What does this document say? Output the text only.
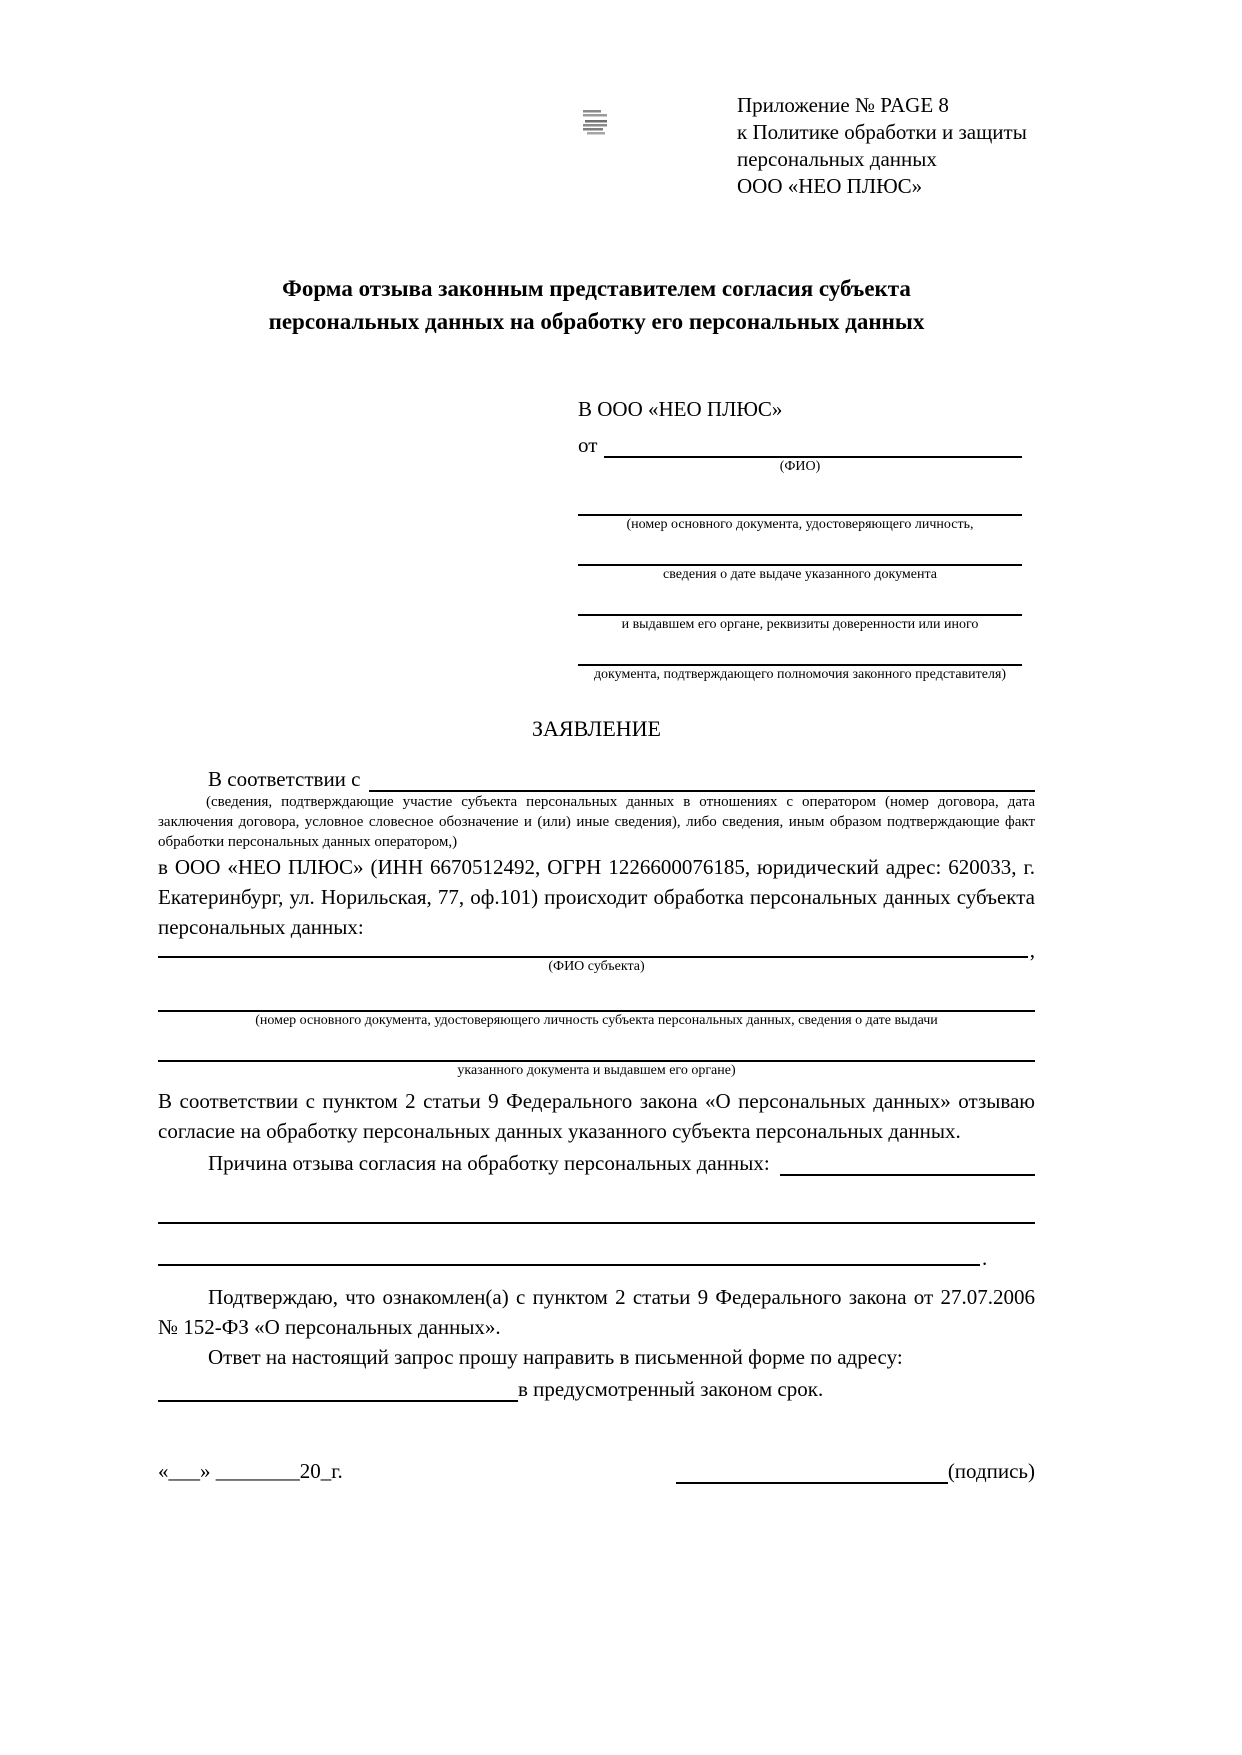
Приложение № PAGE 8
к Политике обработки и защиты
персональных данных
ООО «НЕО ПЛЮС»
Форма отзыва законным представителем согласия субъекта
персональных данных на обработку его персональных данных
В ООО «НЕО ПЛЮС»
от
(ФИО)
(номер основного документа, удостоверяющего личность,
сведения о дате выдаче указанного документа
и выдавшем его органе, реквизиты доверенности или иного
документа, подтверждающего полномочия законного представителя)
ЗАЯВЛЕНИЕ
В соответствии с
(сведения, подтверждающие участие субъекта персональных данных в отношениях с оператором (номер договора, дата заключения договора, условное словесное обозначение и (или) иные сведения), либо сведения, иным образом подтверждающие факт обработки персональных данных оператором,)
в ООО «НЕО ПЛЮС» (ИНН 6670512492, ОГРН 1226600076185, юридический адрес: 620033, г. Екатеринбург, ул. Норильская, 77, оф.101) происходит обработка персональных данных субъекта персональных данных:
,
(ФИО субъекта)
(номер основного документа, удостоверяющего личность субъекта персональных данных, сведения о дате выдачи
указанного документа и выдавшем его органе)
В соответствии с пунктом 2 статьи 9 Федерального закона «О персональных данных» отзываю согласие на обработку персональных данных указанного субъекта персональных данных.
Причина отзыва согласия на обработку персональных данных:
.
Подтверждаю, что ознакомлен(а) с пунктом 2 статьи 9 Федерального закона от 27.07.2006 № 152-ФЗ «О персональных данных».
Ответ на настоящий запрос прошу направить в письменной форме по адресу:
в предусмотренный законом срок.
«___» ________20_г.	(подпись)
